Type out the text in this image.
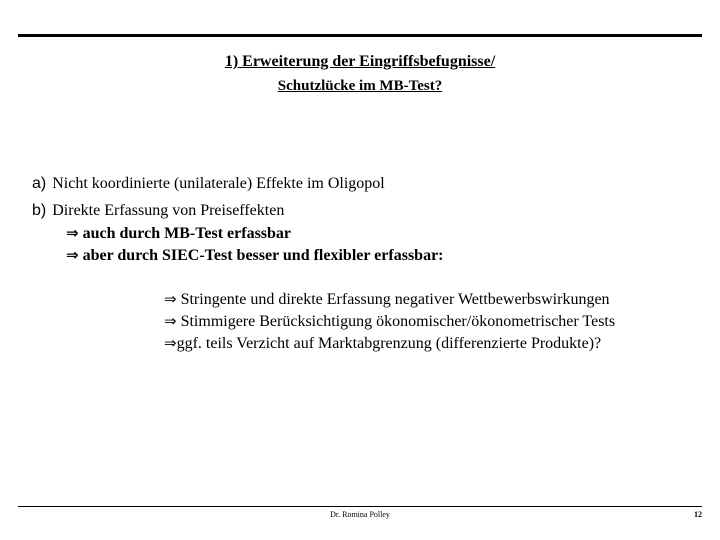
1) Erweiterung der Eingriffsbefugnisse/
Schutzlücke im MB-Test?
a) Nicht koordinierte (unilaterale) Effekte im Oligopol
b) Direkte Erfassung von Preiseffekten
⇒ auch durch MB-Test erfassbar
⇒ aber durch SIEC-Test besser und flexibler erfassbar:
⇒ Stringente und direkte Erfassung negativer Wettbewerbswirkungen
⇒ Stimmigere Berücksichtigung ökonomischer/ökonometrischer Tests
⇒ggf. teils Verzicht auf Marktabgrenzung (differenzierte Produkte)?
Dr. Romina Polley	12
